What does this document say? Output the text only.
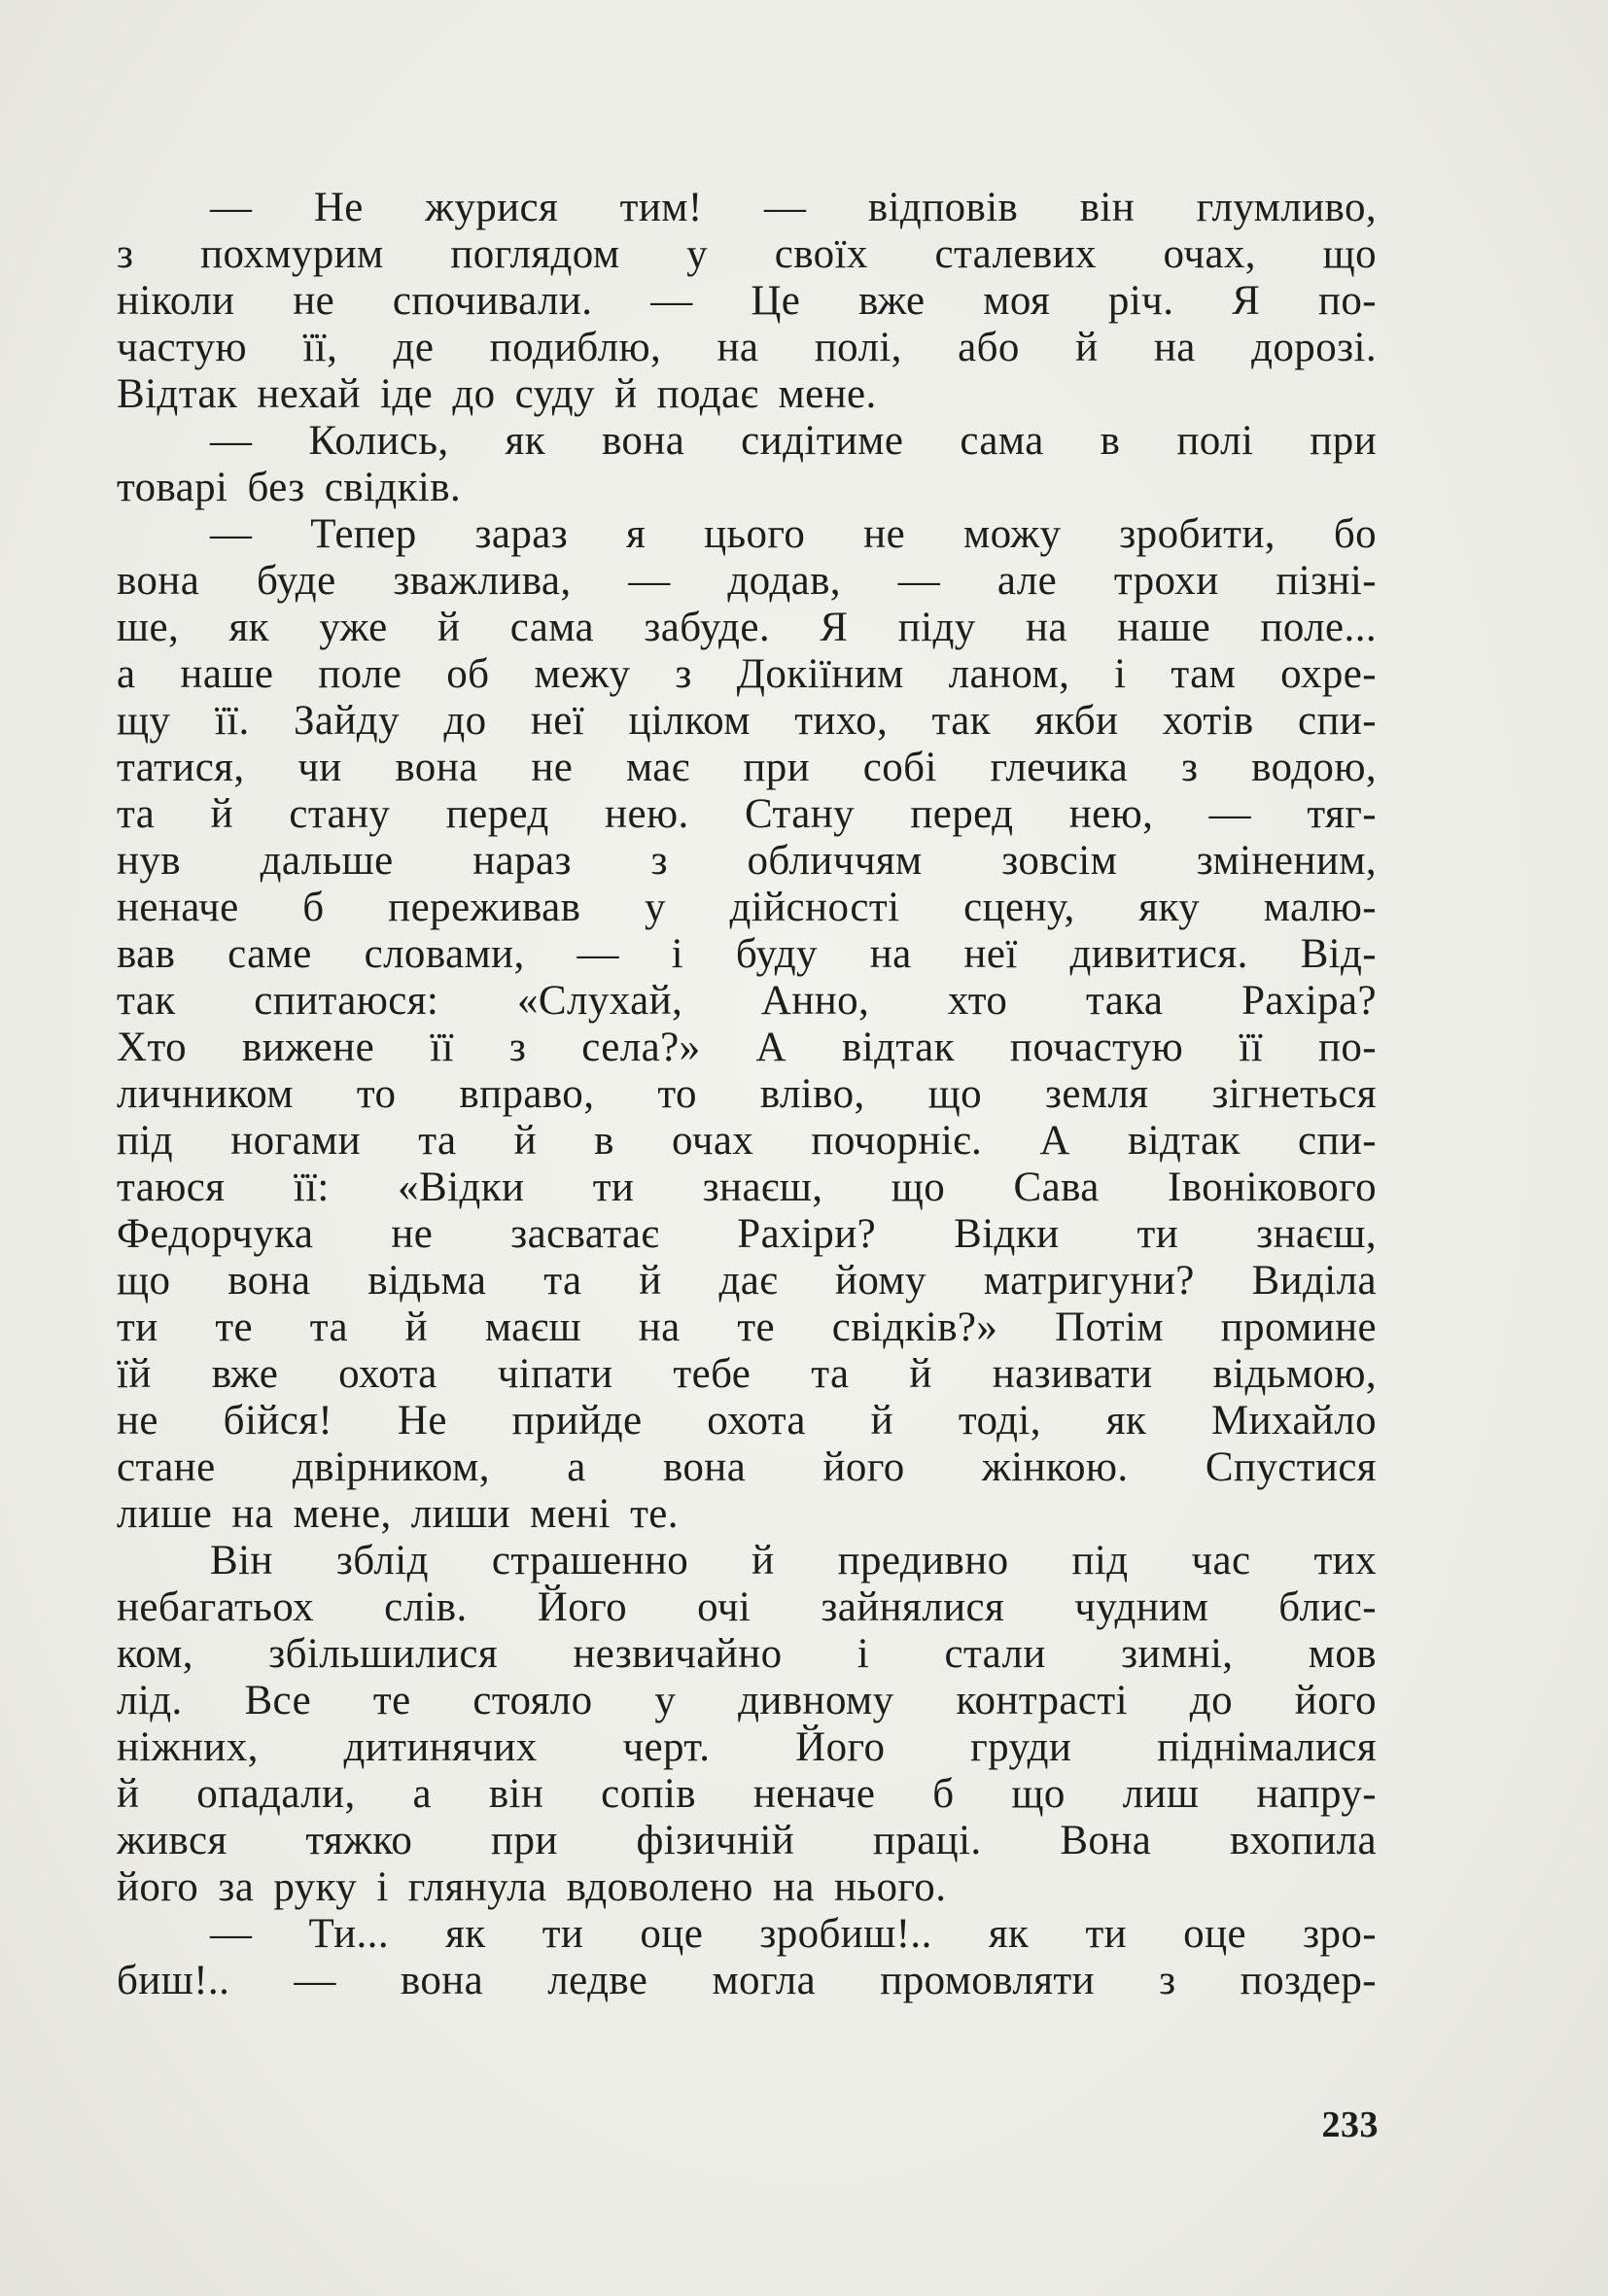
— Не журися тим! — відповів він глумливо,
з похмурим поглядом у своїх сталевих очах, що
ніколи не спочивали. — Це вже моя річ. Я по-
частую її, де подиблю, на полі, або й на дорозі.
Відтак нехай іде до суду й подає мене.
— Колись, як вона сидітиме сама в полі при
товарі без свідків.
— Тепер зараз я цього не можу зробити, бо
вона буде зважлива, — додав, — але трохи пізні-
ше, як уже й сама забуде. Я піду на наше поле...
а наше поле об межу з Докіїним ланом, і там охре-
щу її. Зайду до неї цілком тихо, так якби хотів спи-
татися, чи вона не має при собі глечика з водою,
та й стану перед нею. Стану перед нею, — тяг-
нув дальше нараз з обличчям зовсім зміненим,
неначе б переживав у дійсності сцену, яку малю-
вав саме словами, — і буду на неї дивитися. Від-
так спитаюся: «Слухай, Анно, хто така Рахіра?
Хто вижене її з села?» А відтак почастую її по-
личником то вправо, то вліво, що земля зігнеться
під ногами та й в очах почорніє. А відтак спи-
таюся її: «Відки ти знаєш, що Сава Івонікового
Федорчука не засватає Рахіри? Відки ти знаєш,
що вона відьма та й дає йому матригуни? Виділа
ти те та й маєш на те свідків?» Потім промине
їй вже охота чіпати тебе та й називати відьмою,
не бійся! Не прийде охота й тоді, як Михайло
стане двірником, а вона його жінкою. Спустися
лише на мене, лиши мені те.
Він зблід страшенно й предивно під час тих
небагатьох слів. Його очі зайнялися чудним блис-
ком, збільшилися незвичайно і стали зимні, мов
лід. Все те стояло у дивному контрасті до його
ніжних, дитинячих черт. Його груди піднімалися
й опадали, а він сопів неначе б що лиш напру-
жився тяжко при фізичній праці. Вона вхопила
його за руку і глянула вдоволено на нього.
— Ти... як ти оце зробиш!.. як ти оце зро-
биш!.. — вона ледве могла промовляти з поздер-
233
